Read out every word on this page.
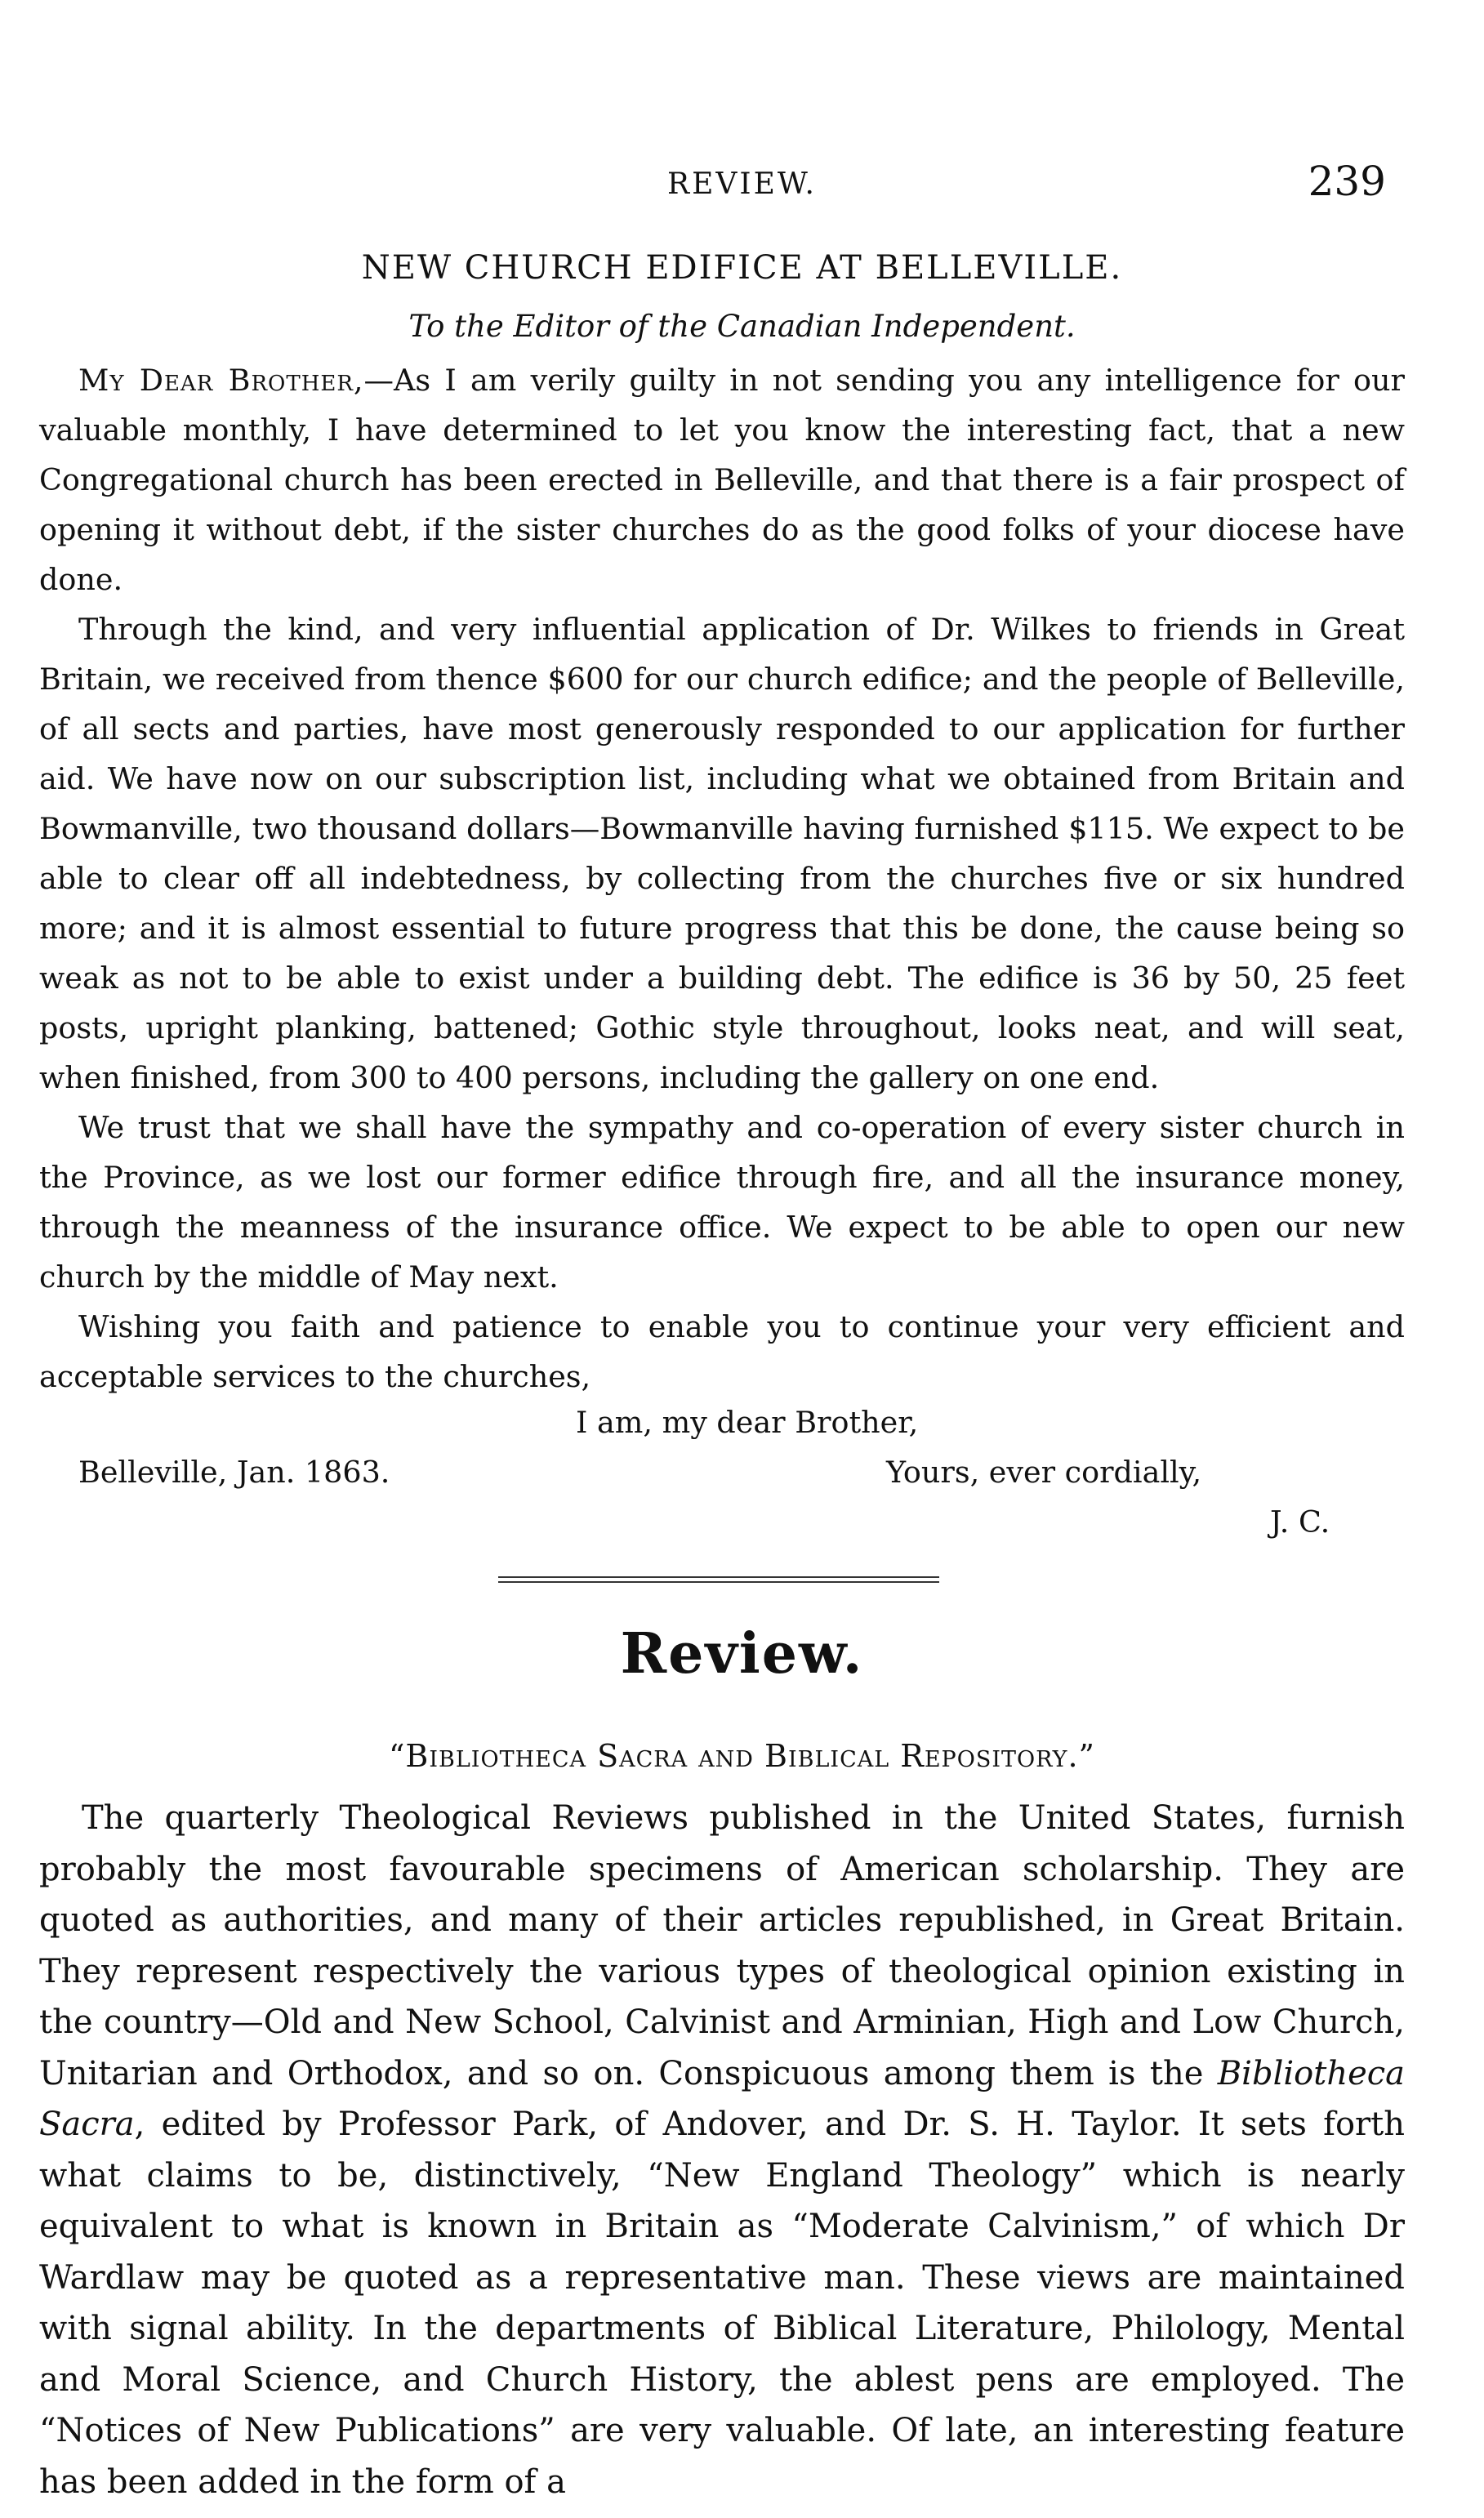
REVIEW.	239
NEW CHURCH EDIFICE AT BELLEVILLE.
To the Editor of the Canadian Independent.

My Dear Brother,—As I am verily guilty in not sending you any intelligence for our valuable monthly, I have determined to let you know the interesting fact, that a new Congregational church has been erected in Belleville, and that there is a fair prospect of opening it without debt, if the sister churches do as the good folks of your diocese have done.

Through the kind, and very influential application of Dr. Wilkes to friends in Great Britain, we received from thence $600 for our church edifice; and the people of Belleville, of all sects and parties, have most generously responded to our application for further aid. We have now on our subscription list, including what we obtained from Britain and Bowmanville, two thousand dollars—Bowmanville having furnished $115. We expect to be able to clear off all indebtedness, by collecting from the churches five or six hundred more; and it is almost essential to future progress that this be done, the cause being so weak as not to be able to exist under a building debt. The edifice is 36 by 50, 25 feet posts, upright planking, battened; Gothic style throughout, looks neat, and will seat, when finished, from 300 to 400 persons, including the gallery on one end.

We trust that we shall have the sympathy and co-operation of every sister church in the Province, as we lost our former edifice through fire, and all the insurance money, through the meanness of the insurance office. We expect to be able to open our new church by the middle of May next.

Wishing you faith and patience to enable you to continue your very efficient and acceptable services to the churches,

I am, my dear Brother,
Belleville, Jan. 1863.	Yours, ever cordially,
J. C.
Review.
“Bibliotheca Sacra and Biblical Repository.”

The quarterly Theological Reviews published in the United States, furnish probably the most favourable specimens of American scholarship. They are quoted as authorities, and many of their articles republished, in Great Britain. They represent respectively the various types of theological opinion existing in the country—Old and New School, Calvinist and Arminian, High and Low Church, Unitarian and Orthodox, and so on. Conspicuous among them is the Bibliotheca Sacra, edited by Professor Park, of Andover, and Dr. S. H. Taylor. It sets forth what claims to be, distinctively, “New England Theology” which is nearly equivalent to what is known in Britain as “Moderate Calvinism,” of which Dr Wardlaw may be quoted as a representative man. These views are maintained with signal ability. In the departments of Biblical Literature, Philology, Mental and Moral Science, and Church History, the ablest pens are employed. The “Notices of New Publications” are very valuable. Of late, an interesting feature has been added in the form of a
